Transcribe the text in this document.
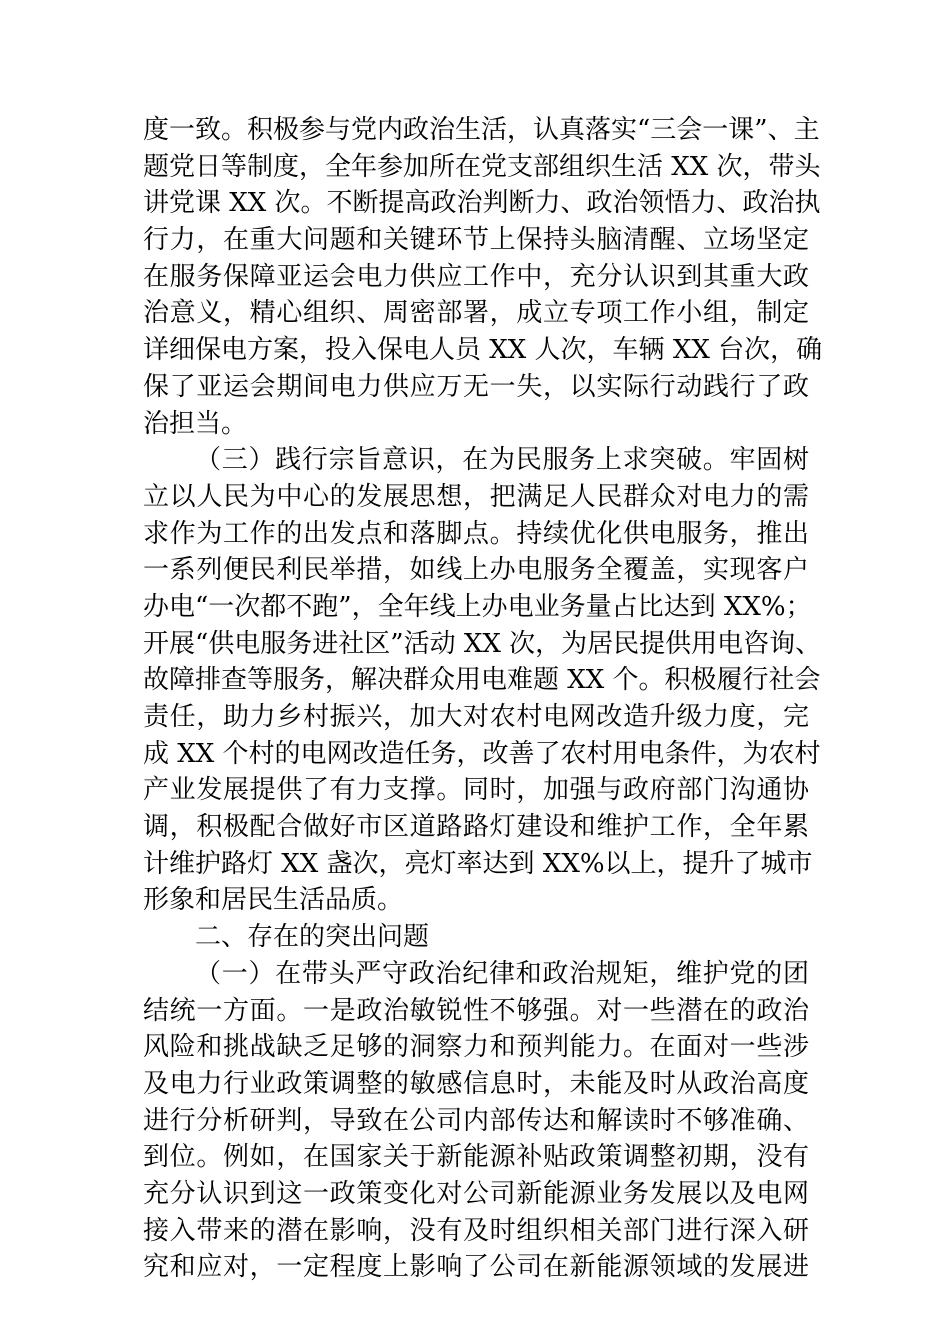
度一致。积极参与党内政治生活，认真落实“三会一课”、主
题党日等制度，全年参加所在党支部组织生活 XX 次，带头
讲党课 XX 次。不断提高政治判断力、政治领悟力、政治执
行力，在重大问题和关键环节上保持头脑清醒、立场坚定
在服务保障亚运会电力供应工作中，充分认识到其重大政
治意义，精心组织、周密部署，成立专项工作小组，制定
详细保电方案，投入保电人员 XX 人次，车辆 XX 台次，确
保了亚运会期间电力供应万无一失，以实际行动践行了政
治担当。
（三）践行宗旨意识，在为民服务上求突破。牢固树
立以人民为中心的发展思想，把满足人民群众对电力的需
求作为工作的出发点和落脚点。持续优化供电服务，推出
一系列便民利民举措，如线上办电服务全覆盖，实现客户
办电“一次都不跑”，全年线上办电业务量占比达到 XX%；
开展“供电服务进社区”活动 XX 次，为居民提供用电咨询、
故障排查等服务，解决群众用电难题 XX 个。积极履行社会
责任，助力乡村振兴，加大对农村电网改造升级力度，完
成 XX 个村的电网改造任务，改善了农村用电条件，为农村
产业发展提供了有力支撑。同时，加强与政府部门沟通协
调，积极配合做好市区道路路灯建设和维护工作，全年累
计维护路灯 XX 盏次，亮灯率达到 XX%以上，提升了城市
形象和居民生活品质。
二、存在的突出问题
（一）在带头严守政治纪律和政治规矩，维护党的团
结统一方面。一是政治敏锐性不够强。对一些潜在的政治
风险和挑战缺乏足够的洞察力和预判能力。在面对一些涉
及电力行业政策调整的敏感信息时，未能及时从政治高度
进行分析研判，导致在公司内部传达和解读时不够准确、
到位。例如，在国家关于新能源补贴政策调整初期，没有
充分认识到这一政策变化对公司新能源业务发展以及电网
接入带来的潜在影响，没有及时组织相关部门进行深入研
究和应对，一定程度上影响了公司在新能源领域的发展进
